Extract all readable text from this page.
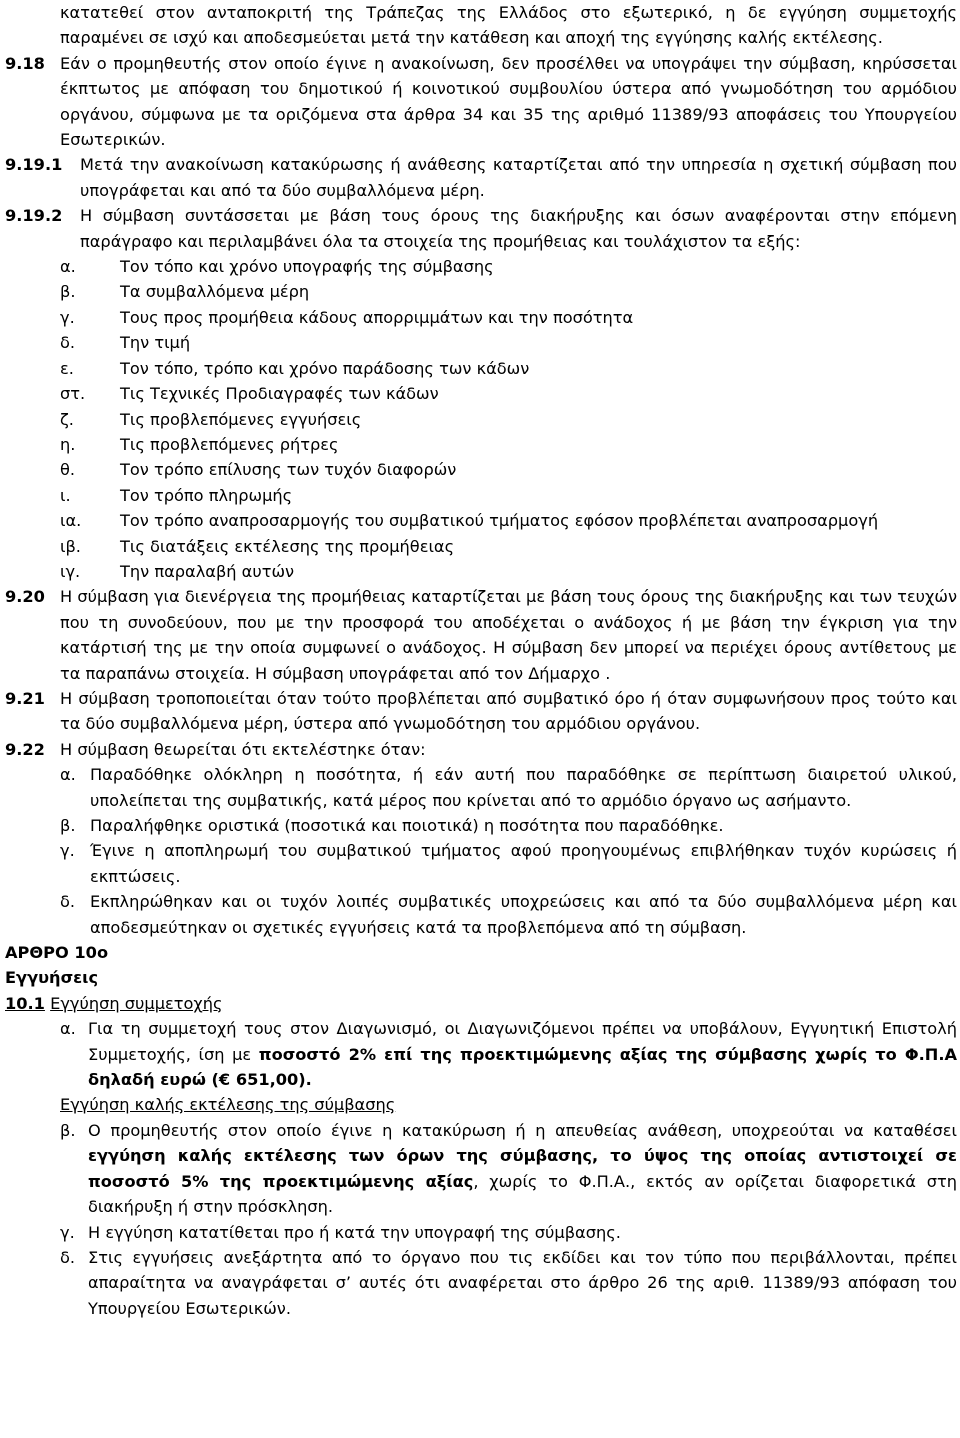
κατατεθεί στον ανταποκριτή της Τράπεζας της Ελλάδος στο εξωτερικό, η δε εγγύηση συμμετοχής παραμένει σε ισχύ και αποδεσμεύεται μετά την κατάθεση και αποχή της εγγύησης καλής εκτέλεσης.
9.18 Εάν ο προμηθευτής στον οποίο έγινε η ανακοίνωση, δεν προσέλθει να υπογράψει την σύμβαση, κηρύσσεται έκπτωτος με απόφαση του δημοτικού ή κοινοτικού συμβουλίου ύστερα από γνωμοδότηση του αρμόδιου οργάνου, σύμφωνα με τα οριζόμενα στα άρθρα 34 και 35 της αριθμό 11389/93 αποφάσεις του Υπουργείου Εσωτερικών.
9.19.1	Μετά την ανακοίνωση κατακύρωσης ή ανάθεσης καταρτίζεται από την υπηρεσία η σχετική σύμβαση που υπογράφεται και από τα δύο συμβαλλόμενα μέρη.
9.19.2	Η σύμβαση συντάσσεται με βάση τους όρους της διακήρυξης και όσων αναφέρονται στην επόμενη παράγραφο και περιλαμβάνει όλα τα στοιχεία της προμήθειας και τουλάχιστον τα εξής:
α.	Τον τόπο και χρόνο υπογραφής της σύμβασης
β.	Τα συμβαλλόμενα μέρη
γ.	Τους προς προμήθεια κάδους απορριμμάτων και την ποσότητα
δ.	Την τιμή
ε.	Τον τόπο, τρόπο και χρόνο παράδοσης των κάδων
στ.	Τις Τεχνικές Προδιαγραφές των κάδων
ζ.	Τις προβλεπόμενες εγγυήσεις
η.	Τις προβλεπόμενες ρήτρες
θ.	Τον τρόπο επίλυσης των τυχόν διαφορών
ι.	Τον τρόπο πληρωμής
ια.	Τον τρόπο αναπροσαρμογής του συμβατικού τμήματος εφόσον προβλέπεται αναπροσαρμογή
ιβ.	Τις διατάξεις εκτέλεσης της προμήθειας
ιγ.	Την παραλαβή αυτών
9.20 Η σύμβαση για διενέργεια της προμήθειας καταρτίζεται με βάση τους όρους της διακήρυξης και των τευχών που τη συνοδεύουν, που με την προσφορά του αποδέχεται ο ανάδοχος ή με βάση την έγκριση για την κατάρτισή της με την οποία συμφωνεί ο ανάδοχος. Η σύμβαση δεν μπορεί να περιέχει όρους αντίθετους με τα παραπάνω στοιχεία. Η σύμβαση υπογράφεται από τον Δήμαρχο .
9.21 Η σύμβαση τροποποιείται όταν τούτο προβλέπεται από συμβατικό όρο ή όταν συμφωνήσουν προς τούτο και τα δύο συμβαλλόμενα μέρη, ύστερα από γνωμοδότηση του αρμόδιου οργάνου.
9.22 Η σύμβαση θεωρείται ότι εκτελέστηκε όταν:
α. Παραδόθηκε ολόκληρη η ποσότητα, ή εάν αυτή που παραδόθηκε σε περίπτωση διαιρετού υλικού, υπολείπεται της συμβατικής, κατά μέρος που κρίνεται από το αρμόδιο όργανο ως ασήμαντο.
β. Παραλήφθηκε οριστικά (ποσοτικά και ποιοτικά) η ποσότητα που παραδόθηκε.
γ. Έγινε η αποπληρωμή του συμβατικού τμήματος αφού προηγουμένως επιβλήθηκαν τυχόν κυρώσεις ή εκπτώσεις.
δ. Εκπληρώθηκαν και οι τυχόν λοιπές συμβατικές υποχρεώσεις και από τα δύο συμβαλλόμενα μέρη και αποδεσμεύτηκαν οι σχετικές εγγυήσεις κατά τα προβλεπόμενα από τη σύμβαση.
ΑΡΘΡΟ 10ο
Εγγυήσεις
10.1 Εγγύηση συμμετοχής
α. Για τη συμμετοχή τους στον Διαγωνισμό, οι Διαγωνιζόμενοι πρέπει να υποβάλουν, Εγγυητική Επιστολή Συμμετοχής, ίση με ποσοστό 2% επί της προεκτιμώμενης αξίας της σύμβασης χωρίς το Φ.Π.Α δηλαδή ευρώ (€ 651,00).
Εγγύηση καλής εκτέλεσης της σύμβασης
β. Ο προμηθευτής στον οποίο έγινε η κατακύρωση ή η απευθείας ανάθεση, υποχρεούται να καταθέσει εγγύηση καλής εκτέλεσης των όρων της σύμβασης, το ύψος της οποίας αντιστοιχεί σε ποσοστό 5% της προεκτιμώμενης αξίας, χωρίς το Φ.Π.Α., εκτός αν ορίζεται διαφορετικά στη διακήρυξη ή στην πρόσκληση.
γ. Η εγγύηση κατατίθεται προ ή κατά την υπογραφή της σύμβασης.
δ. Στις εγγυήσεις ανεξάρτητα από το όργανο που τις εκδίδει και τον τύπο που περιβάλλονται, πρέπει απαραίτητα να αναγράφεται σ’ αυτές ότι αναφέρεται στο άρθρο 26 της αριθ. 11389/93 απόφαση του Υπουργείου Εσωτερικών.
